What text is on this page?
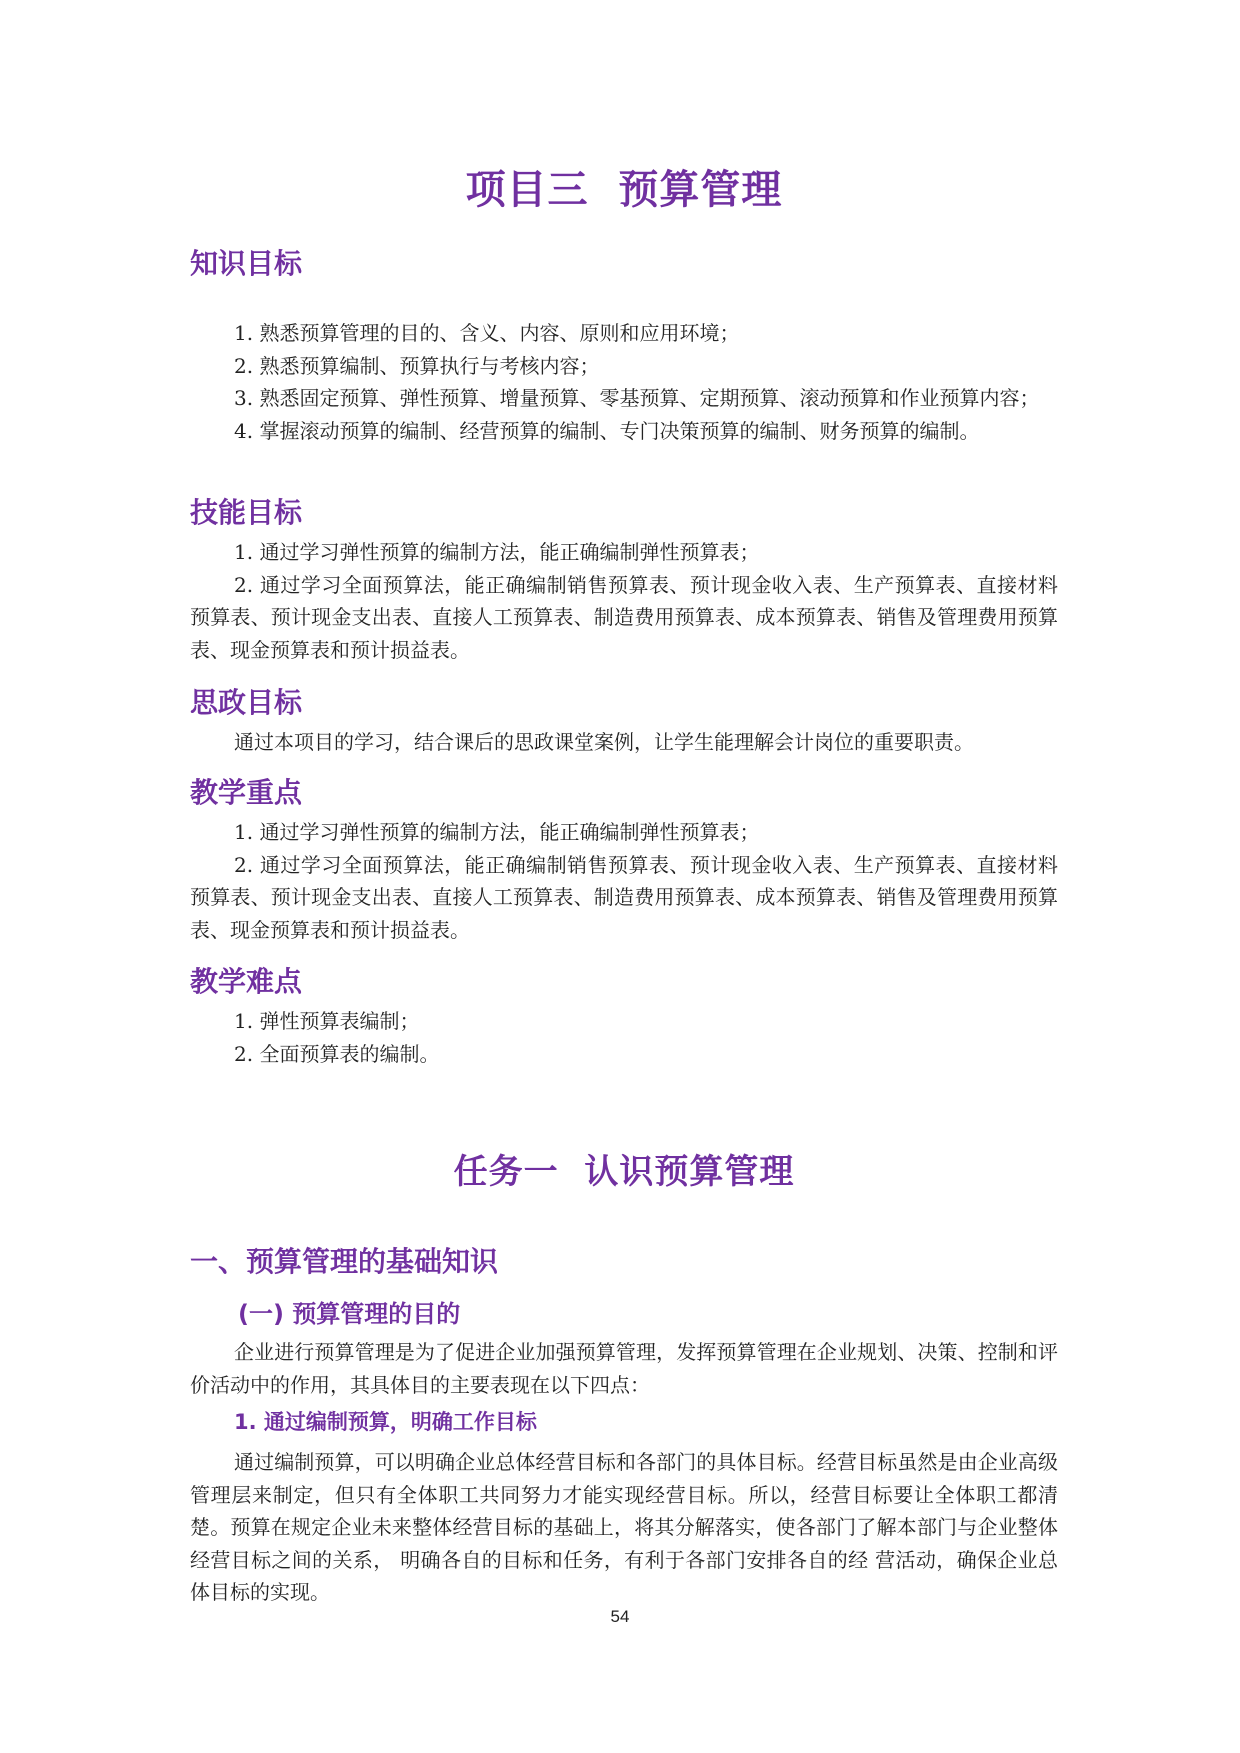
项目三  预算管理
知识目标

1. 熟悉预算管理的目的、含义、内容、原则和应用环境；

2. 熟悉预算编制、预算执行与考核内容；

3. 熟悉固定预算、弹性预算、增量预算、零基预算、定期预算、滚动预算和作业预算内容；

4. 掌握滚动预算的编制、经营预算的编制、专门决策预算的编制、财务预算的编制。

技能目标

1. 通过学习弹性预算的编制方法，能正确编制弹性预算表；

2. 通过学习全面预算法，能正确编制销售预算表、预计现金收入表、生产预算表、直接材料预算表、预计现金支出表、直接人工预算表、制造费用预算表、成本预算表、销售及管理费用预算表、现金预算表和预计损益表。

思政目标

通过本项目的学习，结合课后的思政课堂案例，让学生能理解会计岗位的重要职责。

教学重点

1. 通过学习弹性预算的编制方法，能正确编制弹性预算表；

2. 通过学习全面预算法，能正确编制销售预算表、预计现金收入表、生产预算表、直接材料预算表、预计现金支出表、直接人工预算表、制造费用预算表、成本预算表、销售及管理费用预算表、现金预算表和预计损益表。

教学难点

1. 弹性预算表编制；

2. 全面预算表的编制。

任务一  认识预算管理
一、预算管理的基础知识
(一) 预算管理的目的

企业进行预算管理是为了促进企业加强预算管理，发挥预算管理在企业规划、决策、控制和评价活动中的作用，其具体目的主要表现在以下四点：

1. 通过编制预算，明确工作目标

通过编制预算，可以明确企业总体经营目标和各部门的具体目标。经营目标虽然是由企业高级管理层来制定，但只有全体职工共同努力才能实现经营目标。所以，经营目标要让全体职工都清楚。预算在规定企业未来整体经营目标的基础上，将其分解落实，使各部门了解本部门与企业整体经营目标之间的关系， 明确各自的目标和任务，有利于各部门安排各自的经 营活动，确保企业总体目标的实现。

54
